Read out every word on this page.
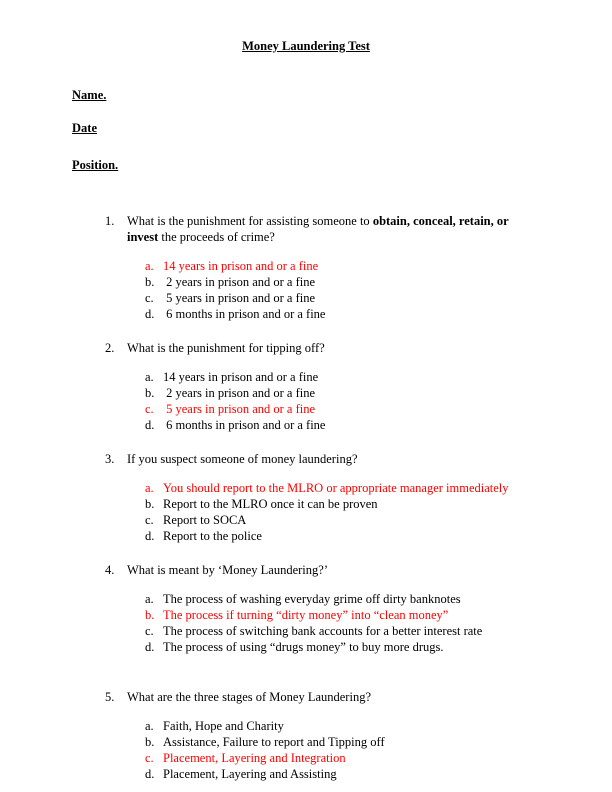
Money Laundering Test
Name.
Date
Position.
1.	What is the punishment for assisting someone to obtain, conceal, retain, or invest the proceeds of crime?
a. 14 years in prison and or a fine
b. 2 years in prison and or a fine
c. 5 years in prison and or a fine
d. 6 months in prison and or a fine
2.	What is the punishment for tipping off?
a. 14 years in prison and or a fine
b. 2 years in prison and or a fine
c. 5 years in prison and or a fine
d. 6 months in prison and or a fine
3.	If you suspect someone of money laundering?
a. You should report to the MLRO or appropriate manager immediately
b. Report to the MLRO once it can be proven
c. Report to SOCA
d. Report to the police
4.	What is meant by ‘Money Laundering?’
a. The process of washing everyday grime off dirty banknotes
b. The process if turning “dirty money” into “clean money”
c. The process of switching bank accounts for a better interest rate
d. The process of using “drugs money” to buy more drugs.
5.	What are the three stages of Money Laundering?
a. Faith, Hope and Charity
b. Assistance, Failure to report and Tipping off
c. Placement, Layering and Integration
d. Placement, Layering and Assisting
